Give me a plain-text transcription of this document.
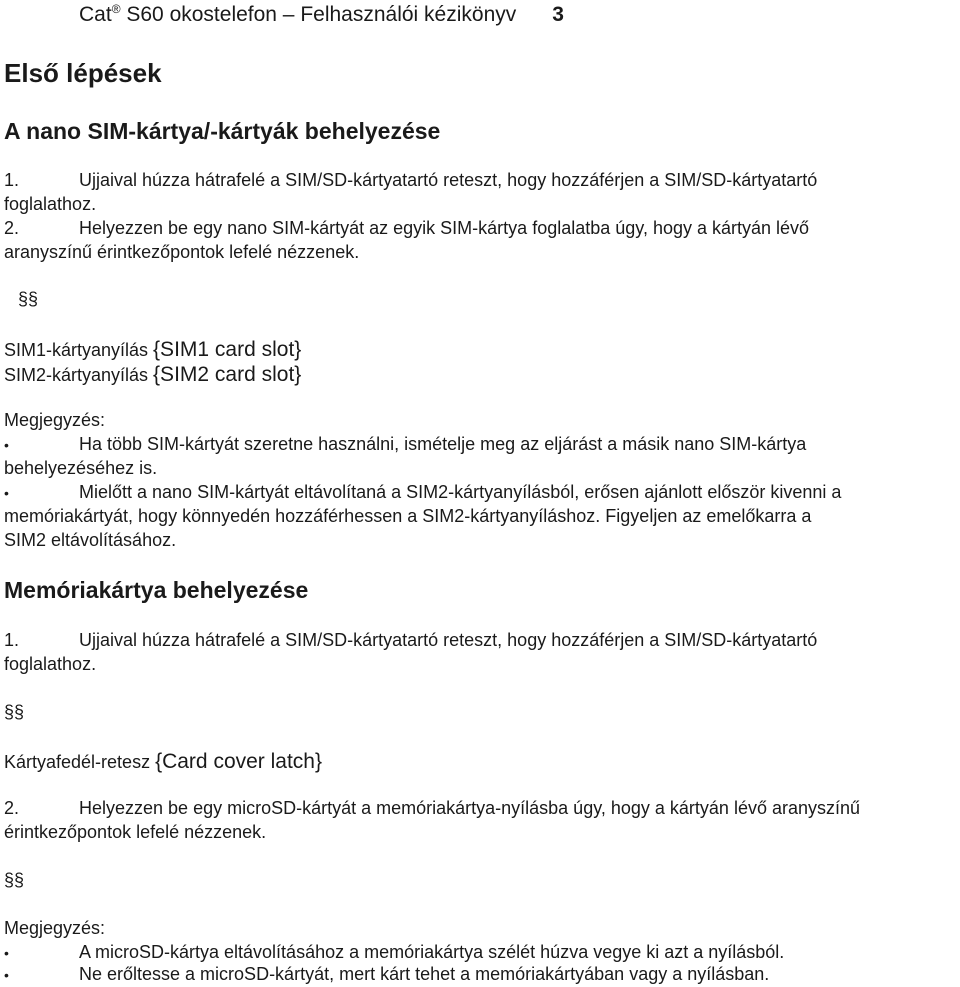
Cat® S60 okostelefon – Felhasználói kézikönyv 3
Első lépések
A nano SIM-kártya/-kártyák behelyezése
1.	Ujjaival húzza hátrafelé a SIM/SD-kártyatartó reteszt, hogy hozzáférjen a SIM/SD-kártyatartó
foglalathoz.
2.	Helyezzen be egy nano SIM-kártyát az egyik SIM-kártya foglalatba úgy, hogy a kártyán lévő
aranyszínű érintkezőpontok lefelé nézzenek.
§§
SIM1-kártyanyílás {SIM1 card slot}
SIM2-kártyanyílás {SIM2 card slot}
Megjegyzés:
•	Ha több SIM-kártyát szeretne használni, ismételje meg az eljárást a másik nano SIM-kártya
behelyezéséhez is.
•	Mielőtt a nano SIM-kártyát eltávolítaná a SIM2-kártyanyílásból, erősen ajánlott először kivenni a
memóriakártyát, hogy könnyedén hozzáférhessen a SIM2-kártyanyíláshoz. Figyeljen az emelőkarra a
SIM2 eltávolításához.
Memóriakártya behelyezése
1.	Ujjaival húzza hátrafelé a SIM/SD-kártyatartó reteszt, hogy hozzáférjen a SIM/SD-kártyatartó
foglalathoz.
§§
Kártyafedél-retesz {Card cover latch}
2.	Helyezzen be egy microSD-kártyát a memóriakártya-nyílásba úgy, hogy a kártyán lévő aranyszínű
érintkezőpontok lefelé nézzenek.
§§
Megjegyzés:
•	A microSD-kártya eltávolításához a memóriakártya szélét húzva vegye ki azt a nyílásból.
•	Ne erőltesse a microSD-kártyát, mert kárt tehet a memóriakártyában vagy a nyílásban.
